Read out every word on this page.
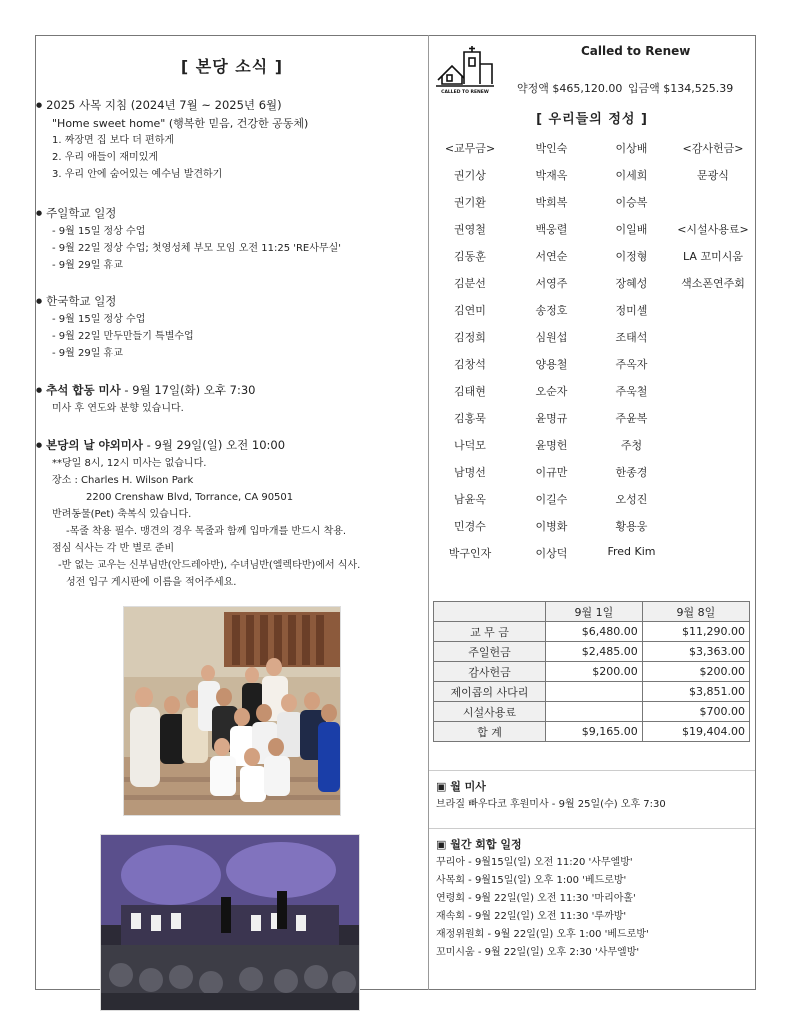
[ 본당 소식 ]
● 2025 사목 지침 (2024년 7월 ~ 2025년 6월)
"Home sweet home" (행복한 믿음, 건강한 공동체)
1. 짜장면 집 보다 더 편하게
2. 우리 애들이 재미있게
3. 우리 안에 숨어있는 예수님 발견하기
● 주일학교 일정
- 9월 15일 정상 수업
- 9월 22일 정상 수업; 첫영성체 부모 모임 오전 11:25 'RE사무실'
- 9월 29일 휴교
● 한국학교 일정
- 9월 15일 정상 수업
- 9월 22일 만두만들기 특별수업
- 9월 29일 휴교
● 추석 합동 미사 - 9월 17일(화) 오후 7:30
미사 후 연도와 분향 있습니다.
● 본당의 날 야외미사 - 9월 29일(일) 오전 10:00
**당일 8시, 12시 미사는 없습니다.
장소 : Charles H. Wilson Park
2200 Crenshaw Blvd, Torrance, CA 90501
반려동물(Pet) 축복식 있습니다.
-목줄 착용 필수. 맹견의 경우 목줄과 함께 입마개를 반드시 착용.
점심 식사는 각 반 별로 준비
-반 없는 교우는 신부님반(안드레아반), 수녀님반(엘렉타반)에서 식사.
성전 입구 게시판에 이름을 적어주세요.
CALLED TO RENEW
Called to Renew
약정액 $465,120.00 입금액 $134,525.39
[ 우리들의 정성 ]
<교무금>	박인숙	이상배	<감사헌금>
권기상	박재옥	이세희	문광식
권기환	박희복	이승복
권영철	백웅렬	이일배	<시설사용료>
김동훈	서연순	이정형	LA 꼬미시움
김분선	서영주	장혜성	색소폰연주회
김연미	송정호	정미셸
김정희	심원섭	조태석
김창석	양용철	주옥자
김태현	오순자	주욱철
김홍묵	윤명규	주윤복
나덕모	윤명헌	주청
남명선	이규만	한종경
남윤옥	이길수	오성진
민경수	이병화	황용웅
박구인자	이상덕	Fred Kim
	9월 1일	9월 8일
교 무 금	$6,480.00	$11,290.00
주일헌금	$2,485.00	$3,363.00
감사헌금	$200.00	$200.00
제이콥의 사다리		$3,851.00
시설사용료		$700.00
합 계	$9,165.00	$19,404.00
▣ 월 미사
브라질 빠우다코 후원미사 - 9월 25일(수) 오후 7:30
▣ 월간 회합 일정
꾸리아 - 9월15일(일) 오전 11:20 '사무엘방'
사목회 - 9월15일(일) 오후 1:00 '베드로방'
연령회 - 9월 22일(일) 오전 11:30 '마리아홀'
재속회 - 9월 22일(일) 오전 11:30 '루까방'
재정위원회 - 9월 22일(일) 오후 1:00 '베드로방'
꼬미시움 - 9월 22일(일) 오후 2:30 '사무엘방'
